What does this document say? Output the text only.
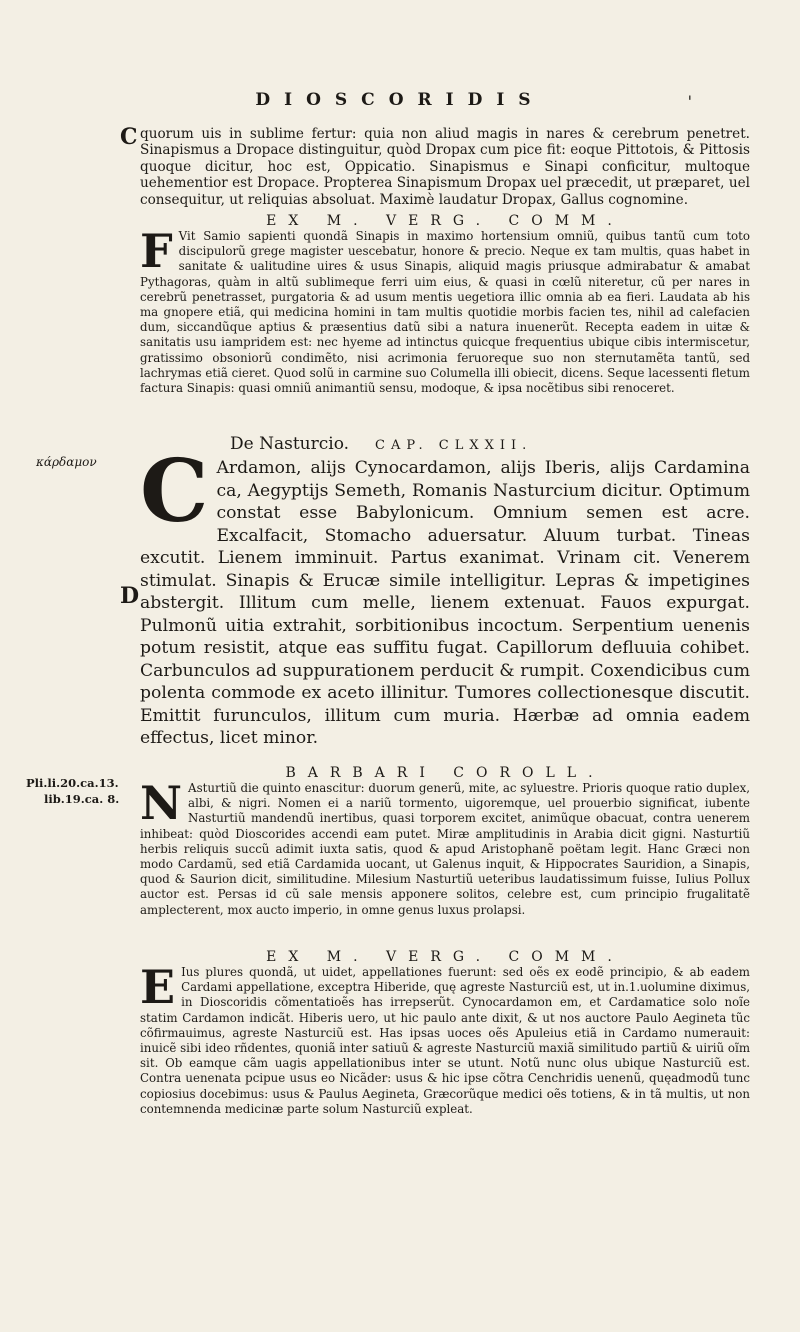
DIOSCORIDIS	'
C
κάρδαμον
D
Pli.li.20.ca.13.
lib.19.ca. 8.

quorum uis in sublime fertur: quia non aliud magis in nares & cerebrum penetret. Sinapismus a Dropace distinguitur, quòd Dropax cum pice fit: eoque Pittotois, & Pittosis quoque dicitur, hoc est, Oppicatio. Sinapismus e Sinapi conficitur, multoque uehementior est Dropace. Propterea Sinapismum Dropax uel præcedit, ut præparet, uel consequitur, ut reliquias absoluat. Maximè laudatur Dropax, Gallus cognomine.

EX M. VERG. COMM.

F Vit Samio sapienti quondã Sinapis in maximo hortensium omniũ, quibus tantũ cum toto discipulorũ grege magister uescebatur, honore & precio. Neque ex tam multis, quas habet in sanitate & ualitudine uires & usus Sinapis, aliquid magis priusque admirabatur & amabat Pythagoras, quàm in altũ sublimeque ferri uim eius, & quasi in cœlũ niteretur, cũ per nares in cerebrũ penetrasset, purgatoria & ad usum mentis uegetiora illic omnia ab ea fieri. Laudata ab his ma gnopere etiã, qui medicina homini in tam multis quotidie morbis facien tes, nihil ad calefacien dum, siccandũque aptius & præsentius datũ sibi a natura inuenerũt. Recepta eadem in uitæ & sanitatis usu iampridem est: nec hyeme ad intinctus quicque frequentius ubique cibis intermiscetur, gratissimo obsoniorũ condimẽto, nisi acrimonia feruoreque suo non sternutamẽta tantũ, sed lachrymas etiã cieret. Quod solũ in carmine suo Columella illi obiecit, dicens. Seque lacessenti fletum factura Sinapis: quasi omniũ animantiũ sensu, modoque, & ipsa nocẽtibus sibi renoceret.

De Nasturcio. CAP. CLXXII.

C Ardamon, alijs Cynocardamon, alijs Iberis, alijs Cardamina ca, Aegyptijs Semeth, Romanis Nasturcium dicitur. Optimum constat esse Babylonicum. Omnium semen est acre. Excalfacit, Stomacho aduersatur. Aluum turbat. Tineas excutit. Lienem imminuit. Partus exanimat. Vrinam cit. Venerem stimulat. Sinapis & Erucæ simile intelligitur. Lepras & impetigines abstergit. Illitum cum melle, lienem extenuat. Fauos expurgat. Pulmonũ uitia extrahit, sorbitionibus incoctum. Serpentium uenenis potum resistit, atque eas suffitu fugat. Capillorum defluuia cohibet. Carbunculos ad suppurationem perducit & rumpit. Coxendicibus cum polenta commode ex aceto illinitur. Tumores collectionesque discutit. Emittit furunculos, illitum cum muria. Hærbæ ad omnia eadem effectus, licet minor.

BARBARI COROLL.

N Asturtiũ die quinto enascitur: duorum generũ, mite, ac syluestre. Prioris quoque ratio duplex, albi, & nigri. Nomen ei a nariũ tormento, uigoremque, uel prouerbio significat, iubente Nasturtiũ mandendũ inertibus, quasi torporem excitet, animũque obacuat, contra uenerem inhibeat: quòd Dioscorides accendi eam putet. Miræ amplitudinis in Arabia dicit gigni. Nasturtiũ herbis reliquis succũ adimit iuxta satis, quod & apud Aristophanẽ poëtam legit. Hanc Græci non modo Cardamũ, sed etiã Cardamida uocant, ut Galenus inquit, & Hippocrates Sauridion, a Sinapis, quod & Saurion dicit, similitudine. Milesium Nasturtiũ ueteribus laudatissimum fuisse, Iulius Pollux auctor est. Persas id cũ sale mensis apponere solitos, celebre est, cum principio frugalitatẽ amplecterent, mox aucto imperio, in omne genus luxus prolapsi.

EX M. VERG. COMM.

E Ius plures quondã, ut uidet, appellationes fuerunt: sed oẽs ex eodẽ principio, & ab eadem Cardami appellatione, exceptra Hiberide, quę agreste Nasturciũ est, ut in.1.uolumine diximus, in Dioscoridis cõmentatioẽs has irrepserũt. Cynocardamon em, et Cardamatice solo noĩe statim Cardamon indicãt. Hiberis uero, ut hic paulo ante dixit, & ut nos auctore Paulo Aegineta tũc cõfirmauimus, agreste Nasturciũ est. Has ipsas uoces oẽs Apuleius etiã in Cardamo numerauit: inuicẽ sibi ideo rñdentes, quoniã inter satiuũ & agreste Nasturciũ maxiã similitudo partiũ & uiriũ oĩm sit. Ob eamque cãm uagis appellationibus inter se utunt. Notũ nunc olus ubique Nasturciũ est. Contra uenenata pcipue usus eo Nicãder: usus & hic ipse cõtra Cenchridis uenenũ, quęadmodũ tunc copiosius docebimus: usus & Paulus Aegineta, Græcorũque medici oẽs totiens, & in tã multis, ut non contemnenda medicinæ parte solum Nasturciũ expleat.
